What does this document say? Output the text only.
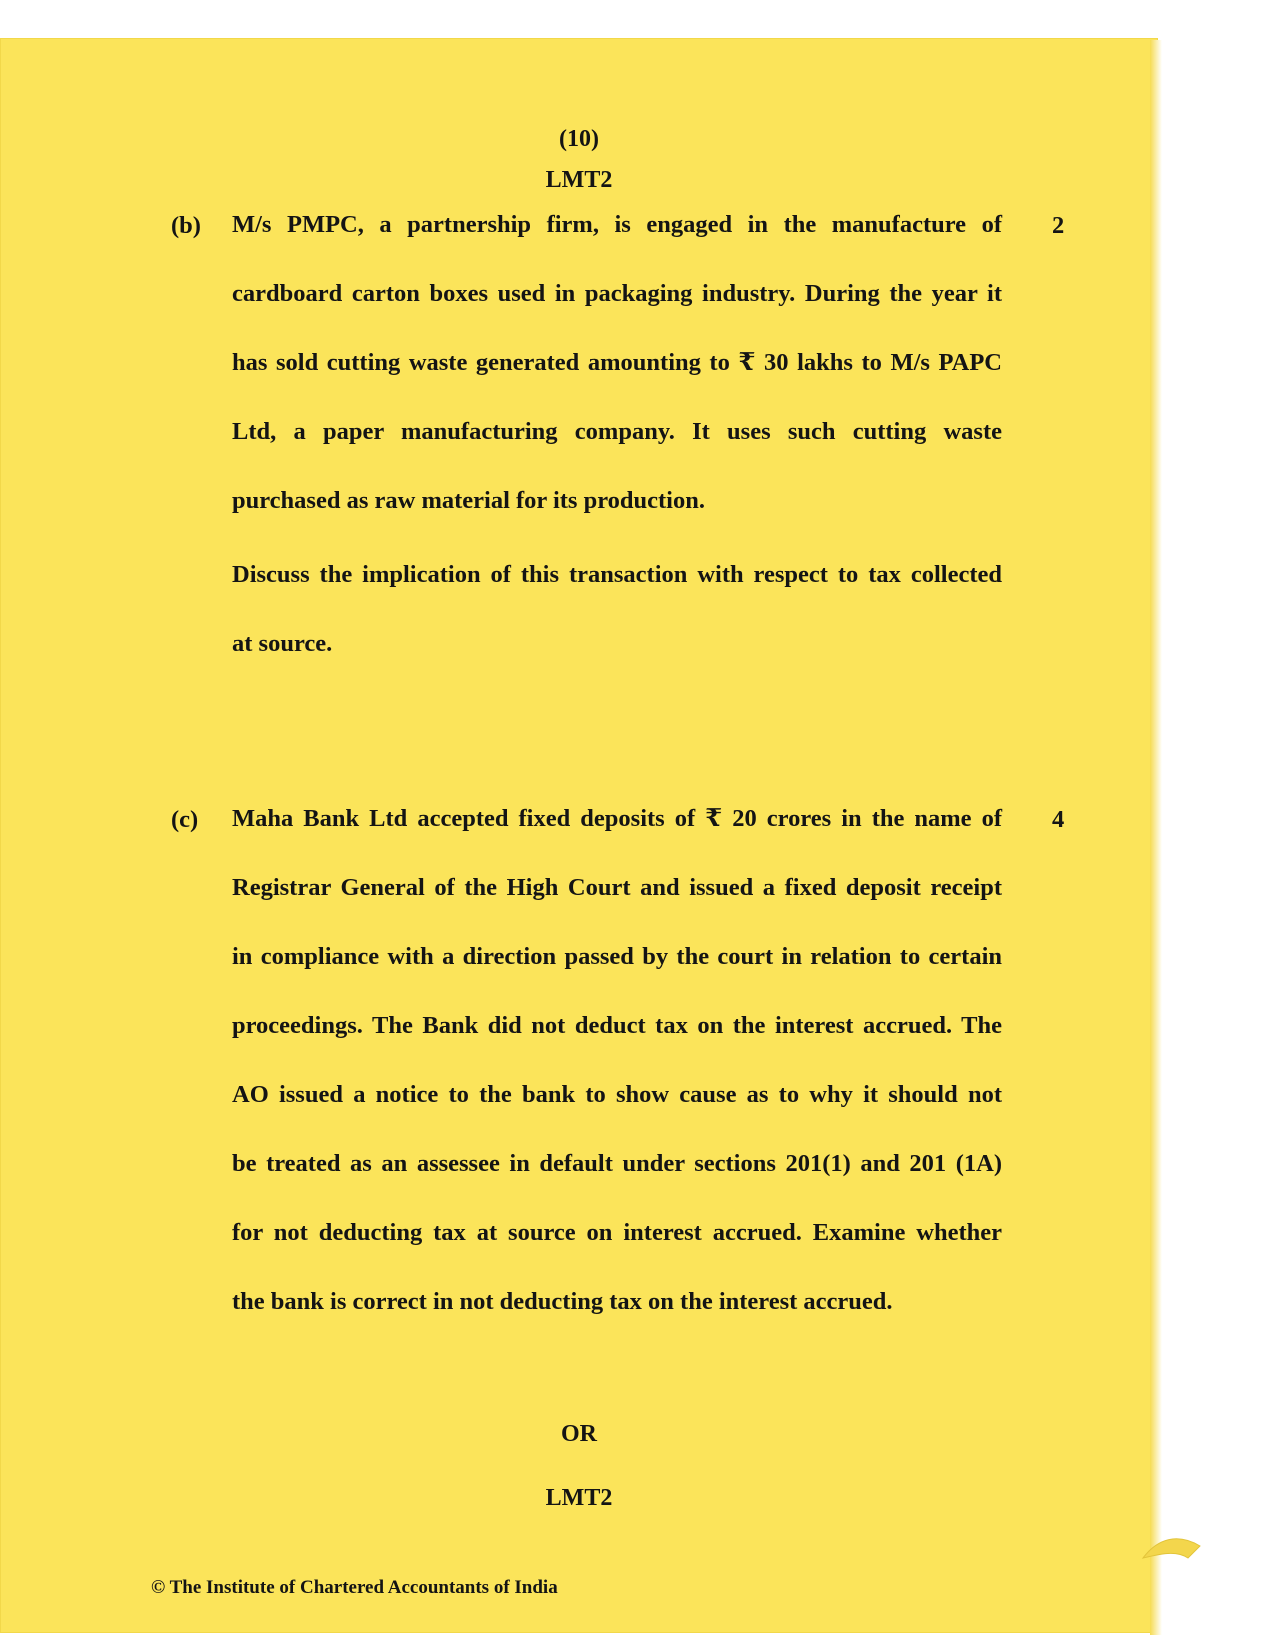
(10)
LMT2
(b)	2
M/s PMPC, a partnership firm, is engaged in the manufacture of
cardboard carton boxes used in packaging industry. During the year it
has sold cutting waste generated amounting to ₹ 30 lakhs to M/s PAPC
Ltd, a paper manufacturing company. It uses such cutting waste
purchased as raw material for its production.
Discuss the implication of this transaction with respect to tax collected
at source.
(c)	4
Maha Bank Ltd accepted fixed deposits of ₹ 20 crores in the name of
Registrar General of the High Court and issued a fixed deposit receipt
in compliance with a direction passed by the court in relation to certain
proceedings. The Bank did not deduct tax on the interest accrued. The
AO issued a notice to the bank to show cause as to why it should not
be treated as an assessee in default under sections 201(1) and 201 (1A)
for not deducting tax at source on interest accrued. Examine whether
the bank is correct in not deducting tax on the interest accrued.
OR
LMT2
© The Institute of Chartered Accountants of India
